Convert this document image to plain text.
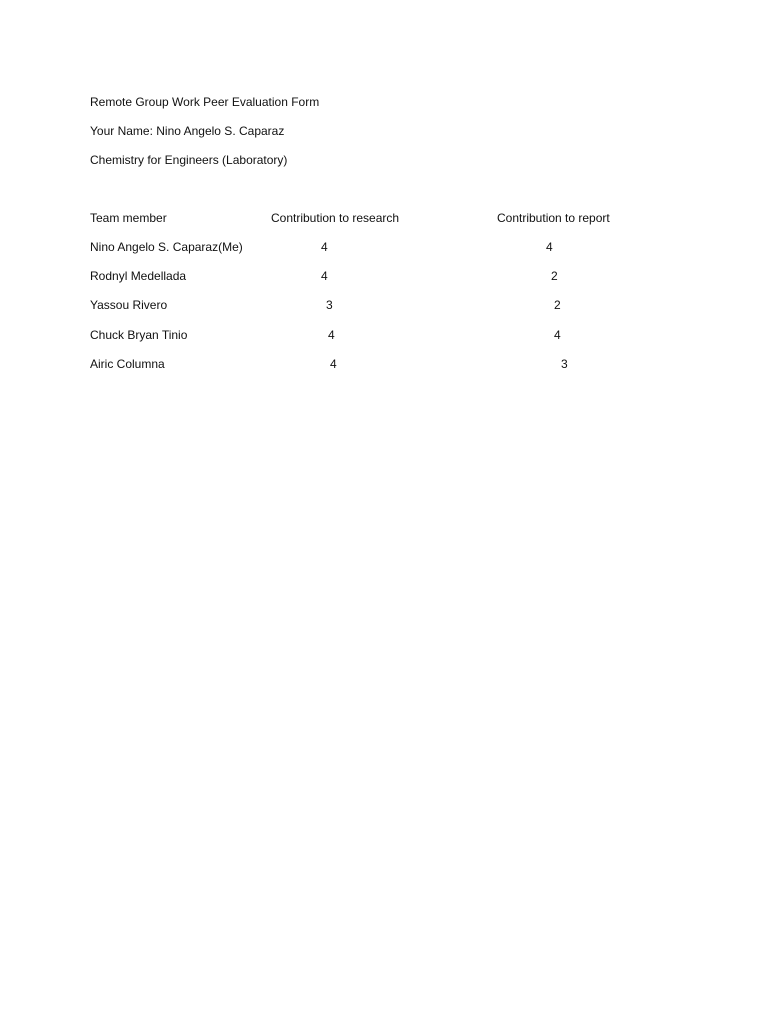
Remote Group Work Peer Evaluation Form
Your Name: Nino Angelo S. Caparaz
Chemistry for Engineers (Laboratory)
Team member	Contribution to research	Contribution to report
Nino Angelo S. Caparaz(Me)	4	4
Rodnyl Medellada	4	2
Yassou Rivero	3	2
Chuck Bryan Tinio	4	4
Airic Columna	4	3
